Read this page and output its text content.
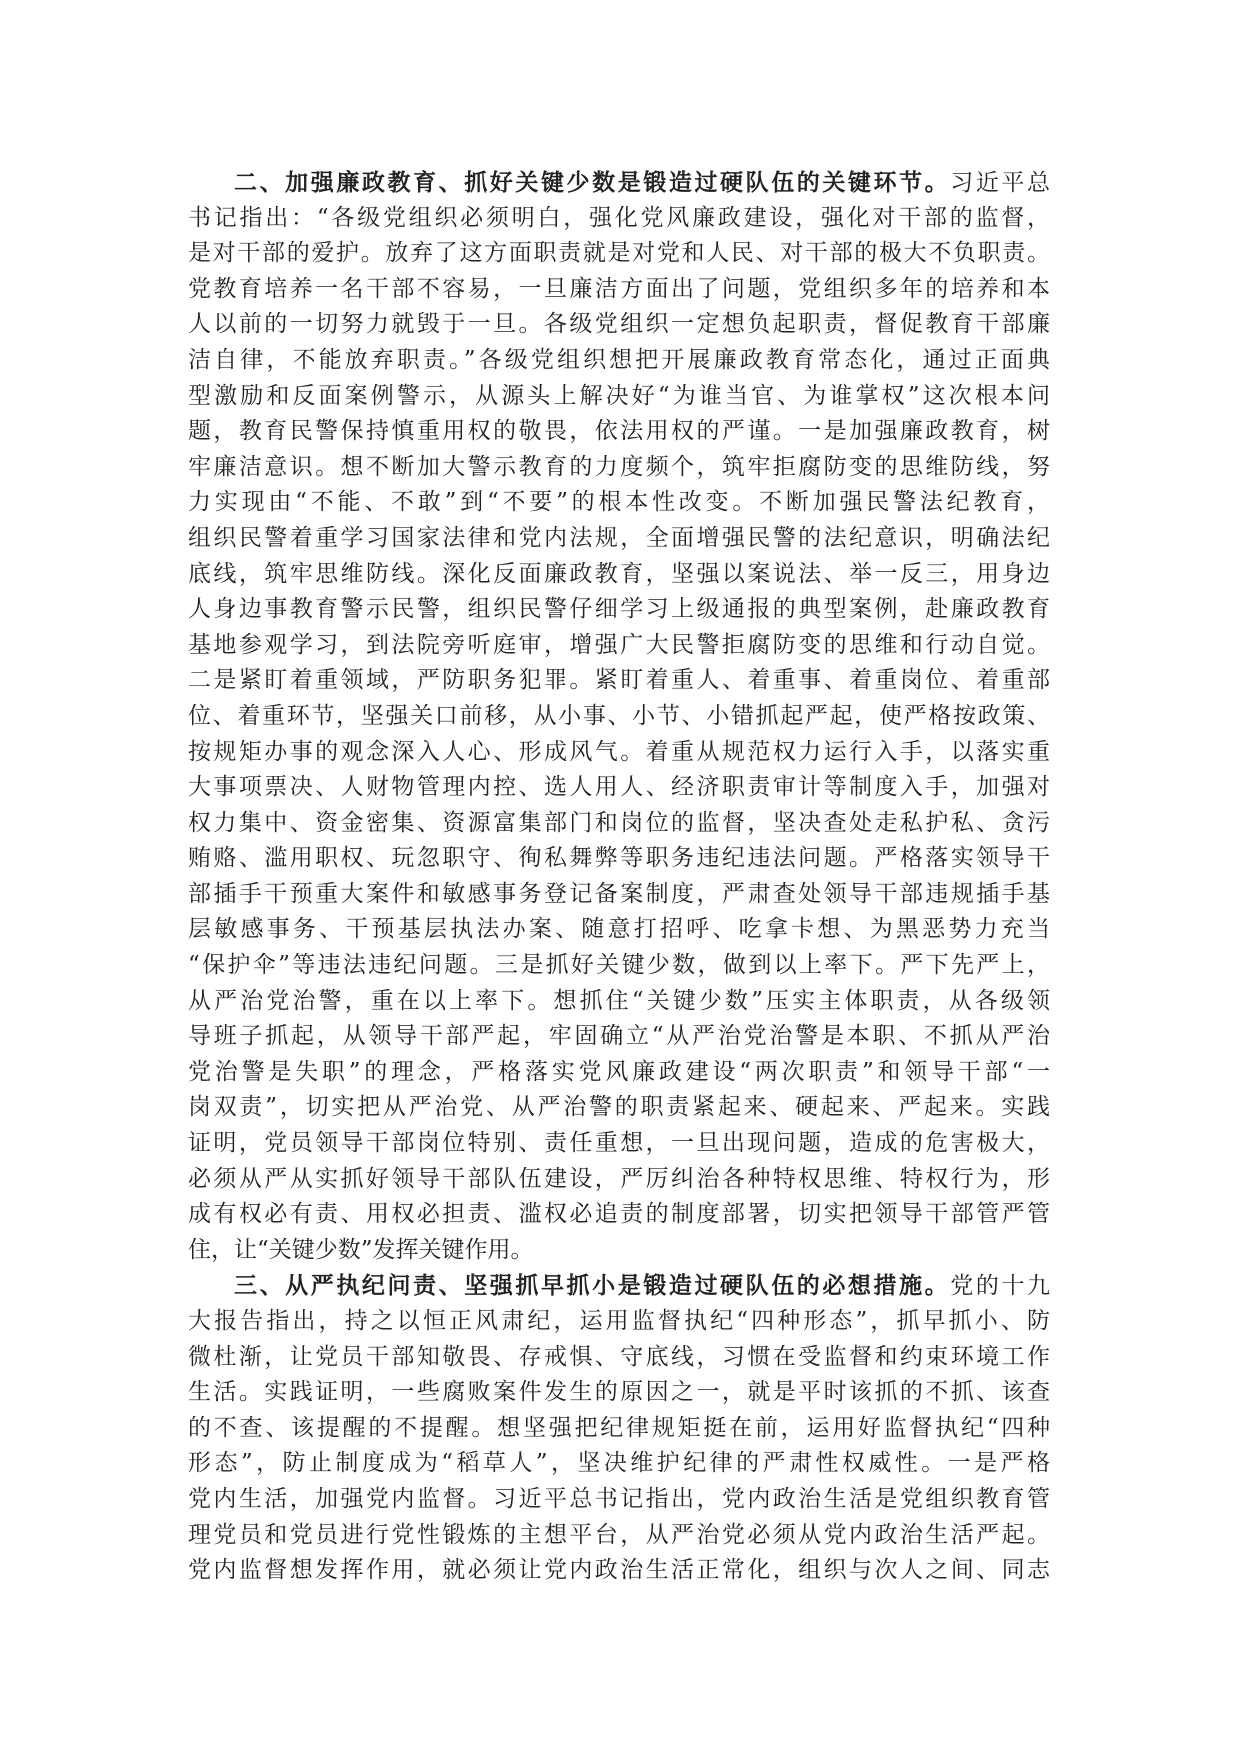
二、加强廉政教育、抓好关键少数是锻造过硬队伍的关键环节。习近平总
书记指出：“各级党组织必须明白，强化党风廉政建设，强化对干部的监督，
是对干部的爱护。放弃了这方面职责就是对党和人民、对干部的极大不负职责。
党教育培养一名干部不容易，一旦廉洁方面出了问题，党组织多年的培养和本
人以前的一切努力就毁于一旦。各级党组织一定想负起职责，督促教育干部廉
洁自律，不能放弃职责。”各级党组织想把开展廉政教育常态化，通过正面典
型激励和反面案例警示，从源头上解决好“为谁当官、为谁掌权”这次根本问
题，教育民警保持慎重用权的敬畏，依法用权的严谨。一是加强廉政教育，树
牢廉洁意识。想不断加大警示教育的力度频个，筑牢拒腐防变的思维防线，努
力实现由“不能、不敢”到“不要”的根本性改变。不断加强民警法纪教育，
组织民警着重学习国家法律和党内法规，全面增强民警的法纪意识，明确法纪
底线，筑牢思维防线。深化反面廉政教育，坚强以案说法、举一反三，用身边
人身边事教育警示民警，组织民警仔细学习上级通报的典型案例，赴廉政教育
基地参观学习，到法院旁听庭审，增强广大民警拒腐防变的思维和行动自觉。
二是紧盯着重领域，严防职务犯罪。紧盯着重人、着重事、着重岗位、着重部
位、着重环节，坚强关口前移，从小事、小节、小错抓起严起，使严格按政策、
按规矩办事的观念深入人心、形成风气。着重从规范权力运行入手，以落实重
大事项票决、人财物管理内控、选人用人、经济职责审计等制度入手，加强对
权力集中、资金密集、资源富集部门和岗位的监督，坚决查处走私护私、贪污
贿赂、滥用职权、玩忽职守、徇私舞弊等职务违纪违法问题。严格落实领导干
部插手干预重大案件和敏感事务登记备案制度，严肃查处领导干部违规插手基
层敏感事务、干预基层执法办案、随意打招呼、吃拿卡想、为黑恶势力充当
“保护伞”等违法违纪问题。三是抓好关键少数，做到以上率下。严下先严上，
从严治党治警，重在以上率下。想抓住“关键少数”压实主体职责，从各级领
导班子抓起，从领导干部严起，牢固确立“从严治党治警是本职、不抓从严治
党治警是失职”的理念，严格落实党风廉政建设“两次职责”和领导干部“一
岗双责”，切实把从严治党、从严治警的职责紧起来、硬起来、严起来。实践
证明，党员领导干部岗位特别、责任重想，一旦出现问题，造成的危害极大，
必须从严从实抓好领导干部队伍建设，严厉纠治各种特权思维、特权行为，形
成有权必有责、用权必担责、滥权必追责的制度部署，切实把领导干部管严管
住，让“关键少数”发挥关键作用。
三、从严执纪问责、坚强抓早抓小是锻造过硬队伍的必想措施。党的十九
大报告指出，持之以恒正风肃纪，运用监督执纪“四种形态”，抓早抓小、防
微杜渐，让党员干部知敬畏、存戒惧、守底线，习惯在受监督和约束环境工作
生活。实践证明，一些腐败案件发生的原因之一，就是平时该抓的不抓、该查
的不查、该提醒的不提醒。想坚强把纪律规矩挺在前，运用好监督执纪“四种
形态”，防止制度成为“稻草人”，坚决维护纪律的严肃性权威性。一是严格
党内生活，加强党内监督。习近平总书记指出，党内政治生活是党组织教育管
理党员和党员进行党性锻炼的主想平台，从严治党必须从党内政治生活严起。
党内监督想发挥作用，就必须让党内政治生活正常化，组织与次人之间、同志
